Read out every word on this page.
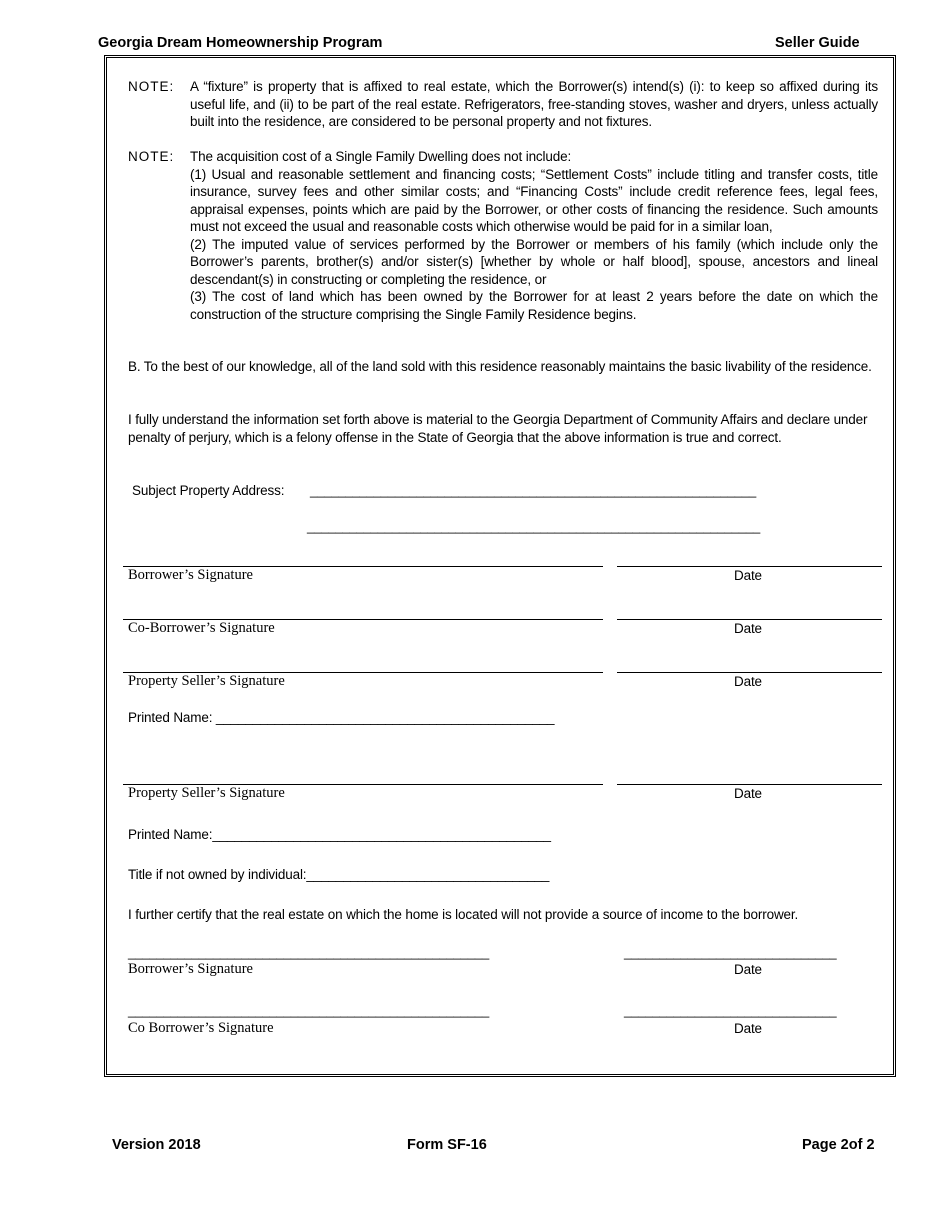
Georgia Dream Homeownership Program	Seller Guide
NOTE: A “fixture” is property that is affixed to real estate, which the Borrower(s) intend(s) (i): to keep so affixed during its useful life, and (ii) to be part of the real estate. Refrigerators, free-standing stoves, washer and dryers, unless actually built into the residence, are considered to be personal property and not fixtures.
NOTE: The acquisition cost of a Single Family Dwelling does not include:

(1) Usual and reasonable settlement and financing costs; “Settlement Costs” include titling and transfer costs, title insurance, survey fees and other similar costs; and “Financing Costs” include credit reference fees, legal fees, appraisal expenses, points which are paid by the Borrower, or other costs of financing the residence. Such amounts must not exceed the usual and reasonable costs which otherwise would be paid for in a similar loan,

(2) The imputed value of services performed by the Borrower or members of his family (which include only the Borrower’s parents, brother(s) and/or sister(s) [whether by whole or half blood], spouse, ancestors and lineal descendant(s) in constructing or completing the residence, or

(3) The cost of land which has been owned by the Borrower for at least 2 years before the date on which the construction of the structure comprising the Single Family Residence begins.

B. To the best of our knowledge, all of the land sold with this residence reasonably maintains the basic livability of the residence.

I fully understand the information set forth above is material to the Georgia Department of Community Affairs and declare under penalty of perjury, which is a felony offense in the State of Georgia that the above information is true and correct.

Subject Property Address: _______________________________________________________________
________________________________________________________________
Borrower’s Signature	Date
Co-Borrower’s Signature	Date
Property Seller’s Signature	Date
Printed Name: ______________________________________________
Property Seller’s Signature	Date
Printed Name:______________________________________________
Title if not owned by individual:_________________________________
I further certify that the real estate on which the home is located will not provide a source of income to the borrower.
___________________________________________________	______________________________
Borrower’s Signature	Date
___________________________________________________	______________________________
Co Borrower’s Signature	Date
Version 2018	Form SF-16	Page 2of 2
